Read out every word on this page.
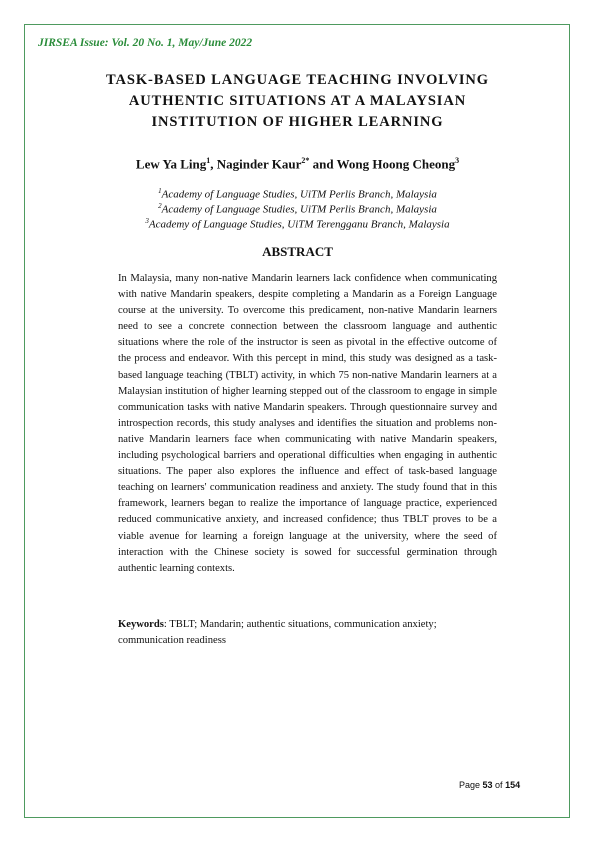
JIRSEA Issue: Vol. 20 No. 1, May/June 2022
TASK-BASED LANGUAGE TEACHING INVOLVING
AUTHENTIC SITUATIONS AT A MALAYSIAN
INSTITUTION OF HIGHER LEARNING
Lew Ya Ling$^1$, Naginder Kaur$^{2*}$ and Wong Hoong Cheong$^3$
$^1$Academy of Language Studies, UiTM Perlis Branch, Malaysia
$^2$Academy of Language Studies, UiTM Perlis Branch, Malaysia
$^3$Academy of Language Studies, UiTM Terengganu Branch, Malaysia
ABSTRACT
In Malaysia, many non-native Mandarin learners lack confidence when communicating with native Mandarin speakers, despite completing a Mandarin as a Foreign Language course at the university. To overcome this predicament, non-native Mandarin learners need to see a concrete connection between the classroom language and authentic situations where the role of the instructor is seen as pivotal in the effective outcome of the process and endeavor. With this percept in mind, this study was designed as a task-based language teaching (TBLT) activity, in which 75 non-native Mandarin learners at a Malaysian institution of higher learning stepped out of the classroom to engage in simple communication tasks with native Mandarin speakers. Through questionnaire survey and introspection records, this study analyses and identifies the situation and problems non-native Mandarin learners face when communicating with native Mandarin speakers, including psychological barriers and operational difficulties when engaging in authentic situations. The paper also explores the influence and effect of task-based language teaching on learners' communication readiness and anxiety. The study found that in this framework, learners began to realize the importance of language practice, experienced reduced communicative anxiety, and increased confidence; thus TBLT proves to be a viable avenue for learning a foreign language at the university, where the seed of interaction with the Chinese society is sowed for successful germination through authentic learning contexts.
Keywords: TBLT; Mandarin; authentic situations, communication anxiety; communication readiness
Page 53 of 154
